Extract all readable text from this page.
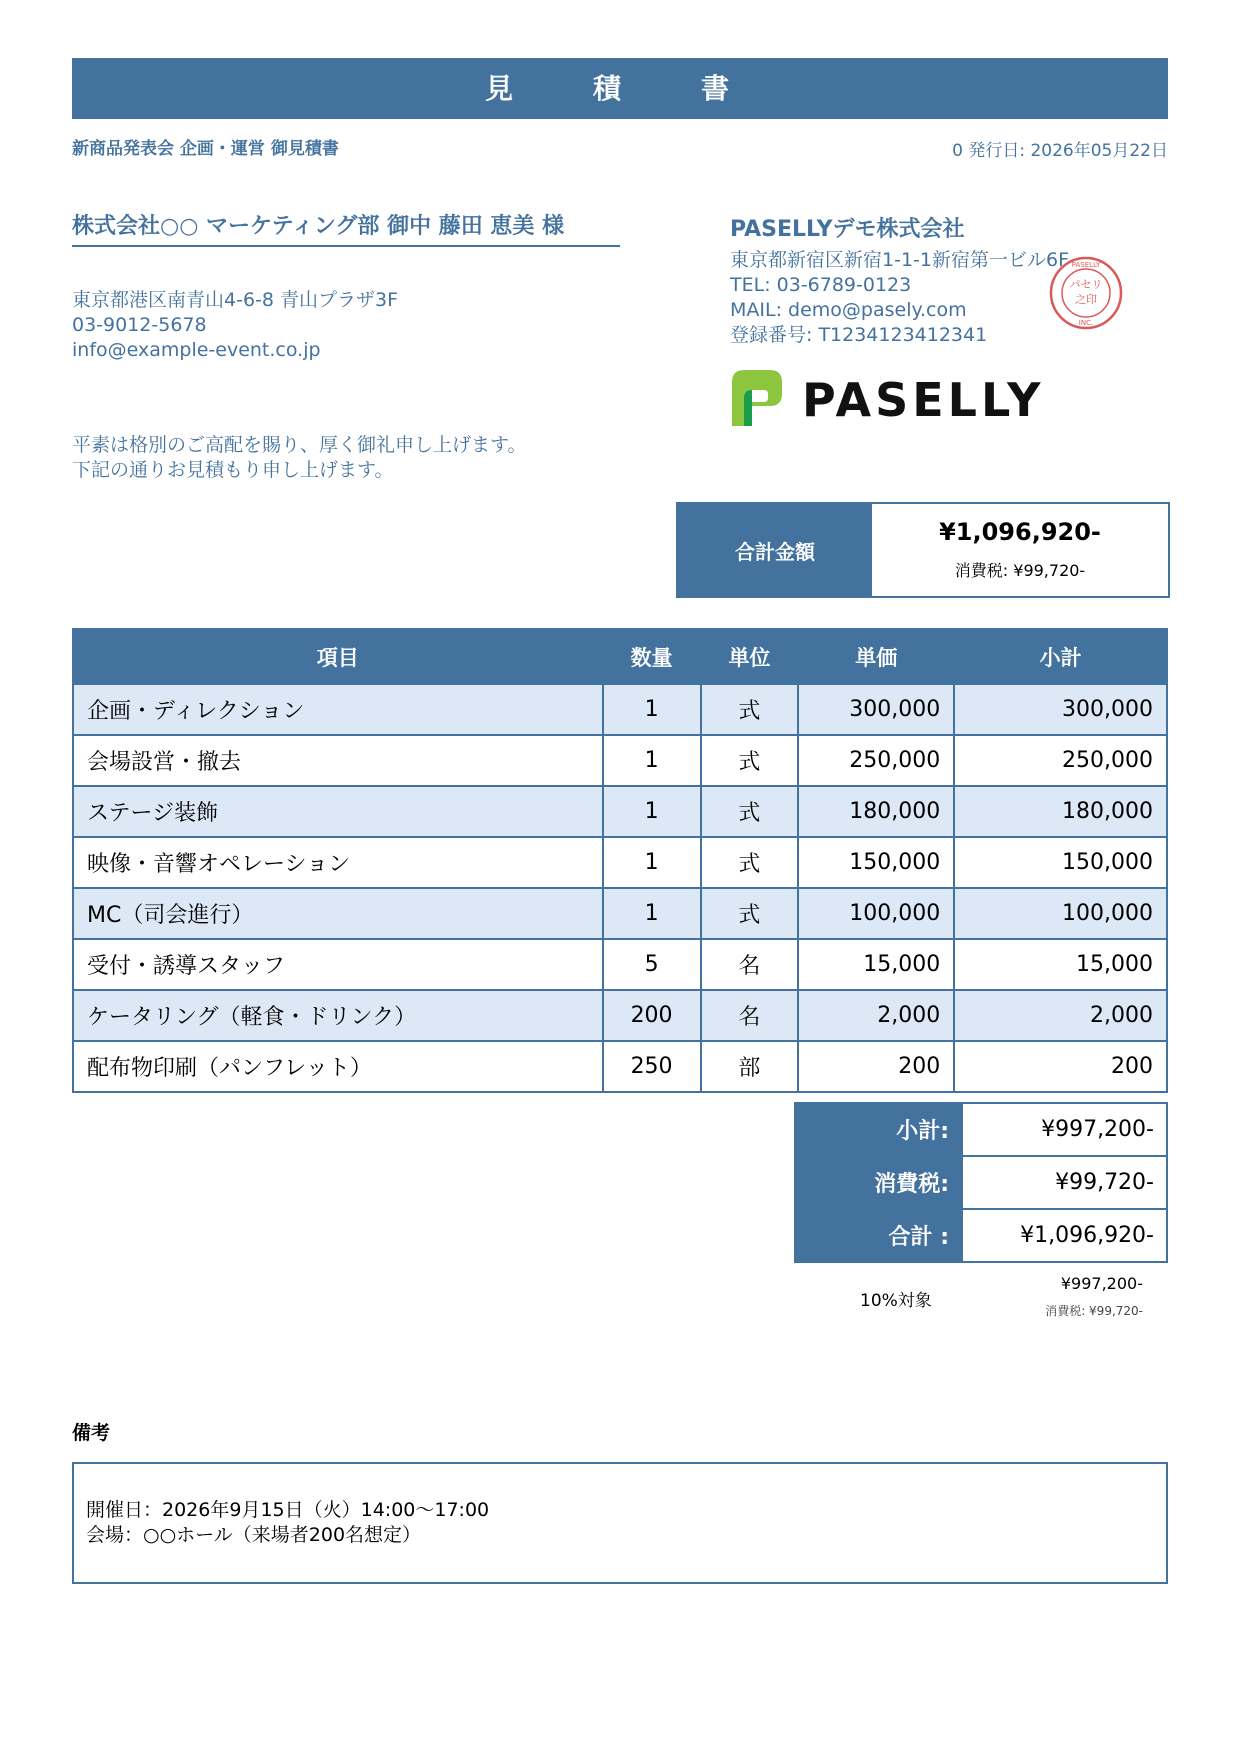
見　積　書
新商品発表会 企画・運営 御見積書	0 発行日: 2026年05月22日
株式会社○○ マーケティング部 御中 藤田 恵美 様
東京都港区南青山4-6-8 青山プラザ3F
03-9012-5678
info@example-event.co.jp
平素は格別のご高配を賜り、厚く御礼申し上げます。
下記の通りお見積もり申し上げます。
PASELLYデモ株式会社
東京都新宿区新宿1-1-1新宿第一ビル6F
TEL: 03-6789-0123
MAIL: demo@pasely.com
登録番号: T1234123412341
パセリ
之印
PASELLY
INC.
PASELLY
合計金額
¥1,096,920-
消費税: ¥99,720-
項目	数量	単位	単価	小計
企画・ディレクション	1	式	300,000	300,000
会場設営・撤去	1	式	250,000	250,000
ステージ装飾	1	式	180,000	180,000
映像・音響オペレーション	1	式	150,000	150,000
MC（司会進行）	1	式	100,000	100,000
受付・誘導スタッフ	5	名	15,000	15,000
ケータリング（軽食・ドリンク）	200	名	2,000	2,000
配布物印刷（パンフレット）	250	部	200	200
小計:	¥997,200-
消費税:	¥99,720-
合計 :	¥1,096,920-
10%対象
¥997,200-
消費税: ¥99,720-
備考
開催日：2026年9月15日（火）14:00〜17:00
会場：○○ホール（来場者200名想定）
